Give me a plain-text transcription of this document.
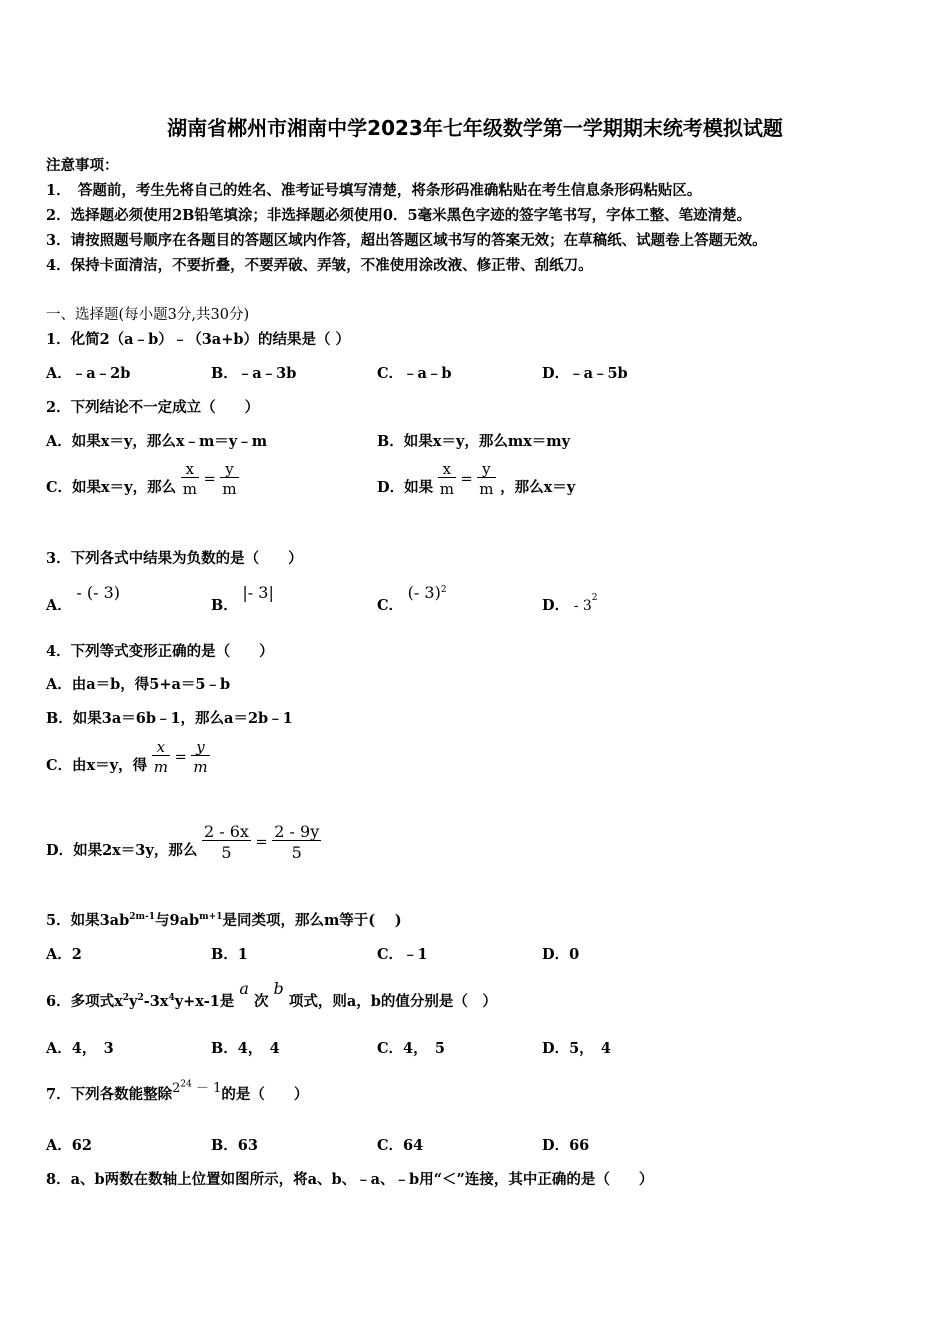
湖南省郴州市湘南中学2023年七年级数学第一学期期末统考模拟试题
注意事项：
1．　答题前，考生先将自己的姓名、准考证号填写清楚，将条形码准确粘贴在考生信息条形码粘贴区。
2．选择题必须使用2B铅笔填涂；非选择题必须使用0．5毫米黑色字迹的签字笔书写，字体工整、笔迹清楚。
3．请按照题号顺序在各题目的答题区域内作答，超出答题区域书写的答案无效；在草稿纸、试题卷上答题无效。
4．保持卡面清洁，不要折叠，不要弄破、弄皱，不准使用涂改液、修正带、刮纸刀。
一、选择题(每小题3分,共30分)
1．化简2（a﹣b）﹣（3a+b）的结果是（ ）
A．﹣a﹣2b	B．﹣a﹣3b	C．﹣a﹣b	D．﹣a﹣5b
2．下列结论不一定成立（　　）
A．如果x＝y，那么x﹣m＝y﹣m	B．如果x＝y，那么mx＝my
C．如果x＝y，那么 $\frac{x}{m} = \frac{y}{m}$	D．如果 $\frac{x}{m} = \frac{y}{m}$ ，那么x＝y
3．下列各式中结果为负数的是（　　）
A． - (- 3)
B． |- 3|
C． (- 3)$^2$
D． - $3^2$
4．下列等式变形正确的是（　　）
A．由a＝b，得5+a＝5﹣b
B．如果3a＝6b﹣1，那么a＝2b﹣1
C．由x＝y，得 $\frac{x}{m} = \frac{y}{m}$
D．如果2x＝3y，那么 $\frac{2 - 6x}{5} = \frac{2 - 9y}{5}$
5．如果$3ab^{2m-1}$与$9ab^{m+1}$是同类项，那么m等于(　 )
A．2	B．1	C．﹣1	D．0
6．多项式$x^2y^2-3x^4y+x-1$是 a 次 b 项式，则a，b的值分别是（　）
A．4，　3	B．4，　4	C．4，　5	D．5，　4
7．下列各数能整除$2^{24} - 1$的是（　　）
A．62	B．63	C．64	D．66
8．a、b两数在数轴上位置如图所示，将a、b、﹣a、﹣b用“＜”连接，其中正确的是（　　）
